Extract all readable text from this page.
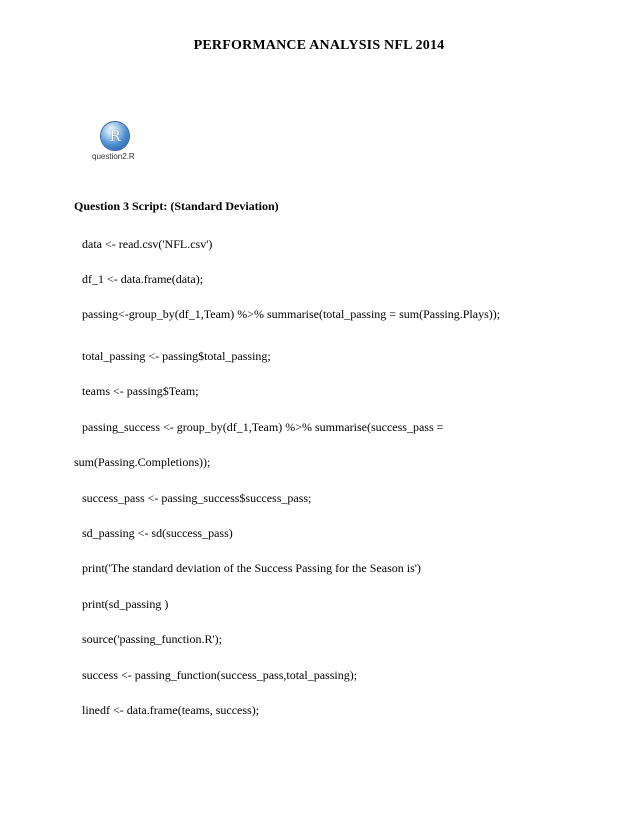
PERFORMANCE ANALYSIS NFL 2014
R
question2.R
Question 3 Script: (Standard Deviation)
data <- read.csv('NFL.csv')
df_1 <- data.frame(data);
passing<-group_by(df_1,Team) %>% summarise(total_passing = sum(Passing.Plays));
total_passing <- passing$total_passing;
teams <- passing$Team;
passing_success <- group_by(df_1,Team) %>% summarise(success_pass =
sum(Passing.Completions));
success_pass <- passing_success$success_pass;
sd_passing <- sd(success_pass)
print('The standard deviation of the Success Passing for the Season is')
print(sd_passing )
source('passing_function.R');
success <- passing_function(success_pass,total_passing);
linedf <- data.frame(teams, success);
